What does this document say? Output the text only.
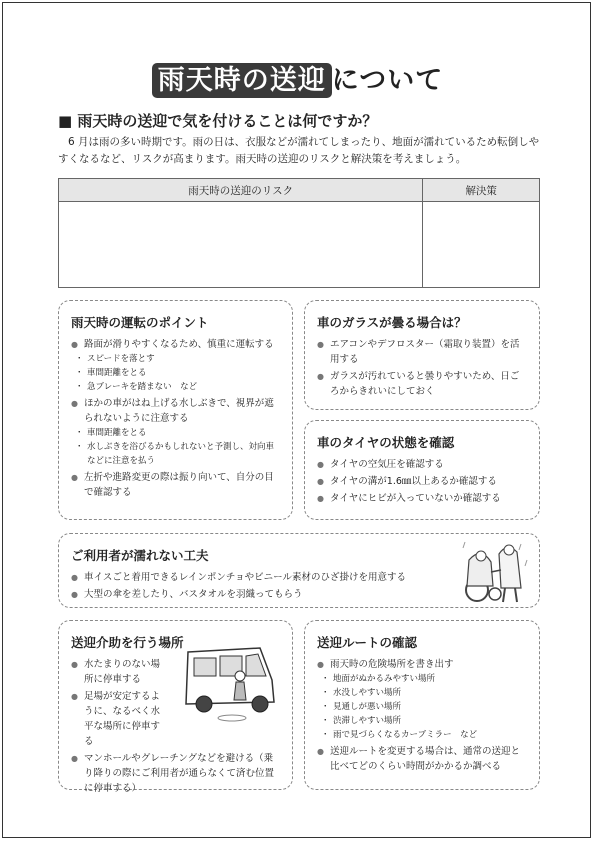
雨天時の送迎 について
■ 雨天時の送迎で気を付けることは何ですか？
6 月は雨の多い時期です。雨の日は、衣服などが濡れてしまったり、地面が濡れているため転倒しやすくなるなど、リスクが高まります。雨天時の送迎のリスクと解決策を考えましょう。
雨天時の送迎のリスク	解決策

雨天時の運転のポイント
● 路面が滑りやすくなるため、慎重に運転する
・ スピードを落とす
・ 車間距離をとる
・ 急ブレーキを踏まない　など
● ほかの車がはね上げる水しぶきで、視界が遮られないように注意する
・ 車間距離をとる
・ 水しぶきを浴びるかもしれないと予測し、対向車などに注意を払う
● 左折や進路変更の際は振り向いて、自分の目で確認する
車のガラスが曇る場合は？
● エアコンやデフロスター（霜取り装置）を活用する
● ガラスが汚れていると曇りやすいため、日ごろからきれいにしておく
車のタイヤの状態を確認
● タイヤの空気圧を確認する
● タイヤの溝が1.6㎜以上あるか確認する
● タイヤにヒビが入っていないか確認する
ご利用者が濡れない工夫
● 車イスごと着用できるレインポンチョやビニール素材のひざ掛けを用意する
● 大型の傘を差したり、バスタオルを羽織ってもらう
送迎介助を行う場所
● 水たまりのない場所に停車する
● 足場が安定するように、なるべく水平な場所に停車する
● マンホールやグレーチングなどを避ける（乗り降りの際にご利用者が通らなくて済む位置に停車する）
送迎ルートの確認
● 雨天時の危険場所を書き出す
・ 地面がぬかるみやすい場所
・ 水没しやすい場所
・ 見通しが悪い場所
・ 渋滞しやすい場所
・ 雨で見づらくなるカーブミラー　など
● 送迎ルートを変更する場合は、通常の送迎と比べてどのくらい時間がかかるか調べる
